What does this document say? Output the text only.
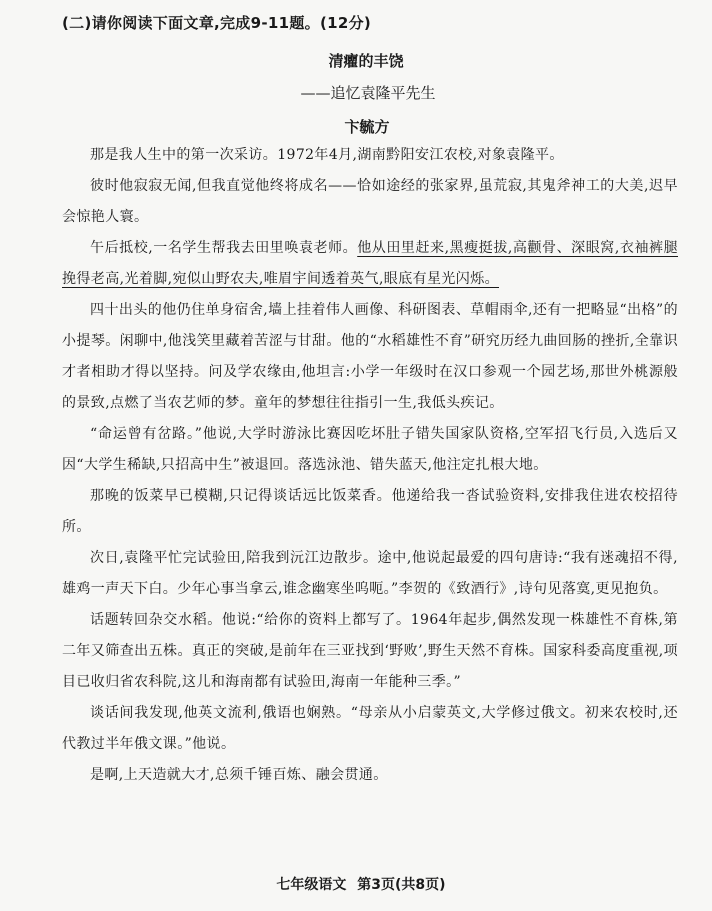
(二)请你阅读下面文章,完成9-11题。(12分)
清癯的丰饶
——追忆袁隆平先生
卞毓方

那是我人生中的第一次采访。1972年4月,湖南黔阳安江农校,对象袁隆平。

彼时他寂寂无闻,但我直觉他终将成名——恰如途经的张家界,虽荒寂,其鬼斧神工的大美,迟早会惊艳人寰。

午后抵校,一名学生帮我去田里唤袁老师。他从田里赶来,黑瘦挺拔,高颧骨、深眼窝,衣袖裤腿挽得老高,光着脚,宛似山野农夫,唯眉宇间透着英气,眼底有星光闪烁。

四十出头的他仍住单身宿舍,墙上挂着伟人画像、科研图表、草帽雨伞,还有一把略显“出格”的小提琴。闲聊中,他浅笑里藏着苦涩与甘甜。他的“水稻雄性不育”研究历经九曲回肠的挫折,全靠识才者相助才得以坚持。问及学农缘由,他坦言:小学一年级时在汉口参观一个园艺场,那世外桃源般的景致,点燃了当农艺师的梦。童年的梦想往往指引一生,我低头疾记。

“命运曾有岔路。”他说,大学时游泳比赛因吃坏肚子错失国家队资格,空军招飞行员,入选后又因“大学生稀缺,只招高中生”被退回。落选泳池、错失蓝天,他注定扎根大地。

那晚的饭菜早已模糊,只记得谈话远比饭菜香。他递给我一沓试验资料,安排我住进农校招待所。

次日,袁隆平忙完试验田,陪我到沅江边散步。途中,他说起最爱的四句唐诗:“我有迷魂招不得,雄鸡一声天下白。少年心事当拿云,谁念幽寒坐呜呃。”李贺的《致酒行》,诗句见落寞,更见抱负。

话题转回杂交水稻。他说:“给你的资料上都写了。1964年起步,偶然发现一株雄性不育株,第二年又筛查出五株。真正的突破,是前年在三亚找到‘野败’,野生天然不育株。国家科委高度重视,项目已收归省农科院,这儿和海南都有试验田,海南一年能种三季。”

谈话间我发现,他英文流利,俄语也娴熟。“母亲从小启蒙英文,大学修过俄文。初来农校时,还代教过半年俄文课。”他说。

是啊,上天造就大才,总须千锤百炼、融会贯通。

七年级语文 第3页(共8页)
